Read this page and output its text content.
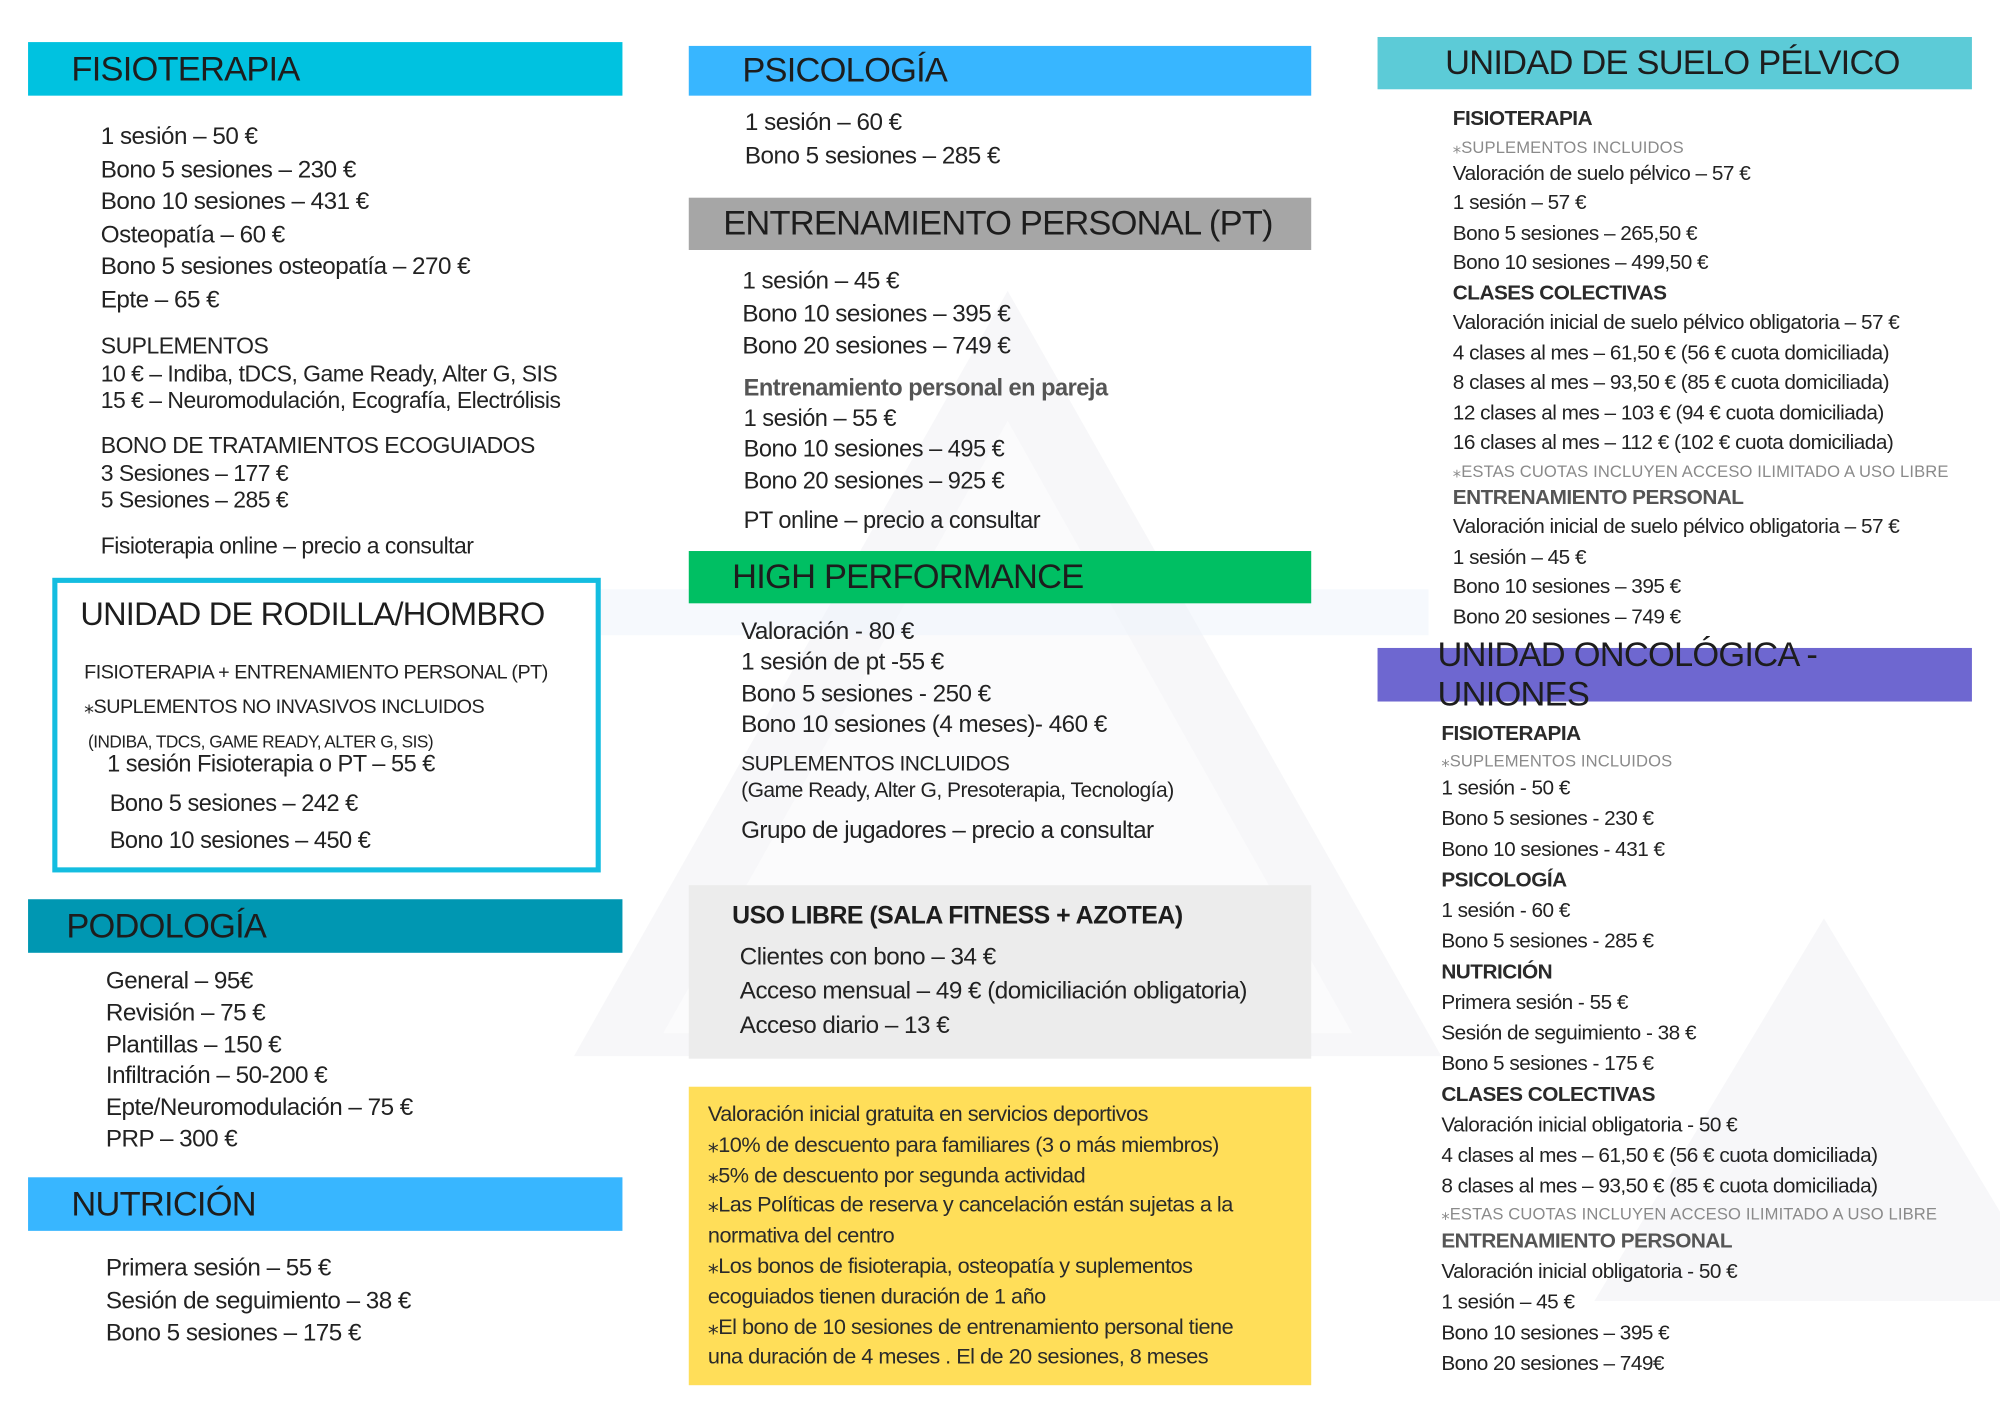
FISIOTERAPIA
1 sesión – 50 €
Bono 5 sesiones – 230 €
Bono 10 sesiones – 431 €
Osteopatía – 60 €
Bono 5 sesiones osteopatía – 270 €
Epte – 65 €
SUPLEMENTOS
10 € – Indiba, tDCS, Game Ready, Alter G, SIS
15 € – Neuromodulación, Ecografía, Electrólisis
BONO DE TRATAMIENTOS ECOGUIADOS
3 Sesiones – 177 €
5 Sesiones – 285 €
Fisioterapia online – precio a consultar
UNIDAD DE RODILLA/HOMBRO
FISIOTERAPIA + ENTRENAMIENTO PERSONAL (PT)
⁎SUPLEMENTOS NO INVASIVOS INCLUIDOS
(INDIBA, TDCS, GAME READY, ALTER G, SIS)
1 sesión Fisioterapia o PT – 55 €
Bono 5 sesiones – 242 €
Bono 10 sesiones – 450 €
PODOLOGÍA
General – 95€
Revisión – 75 €
Plantillas – 150 €
Infiltración – 50-200 €
Epte/Neuromodulación – 75 €
PRP – 300 €
NUTRICIÓN
Primera sesión – 55 €
Sesión de seguimiento – 38 €
Bono 5 sesiones – 175 €
PSICOLOGÍA
1 sesión – 60 €
Bono 5 sesiones – 285 €
ENTRENAMIENTO PERSONAL (PT)
1 sesión – 45 €
Bono 10 sesiones – 395 €
Bono 20 sesiones – 749 €
Entrenamiento personal en pareja
1 sesión – 55 €
Bono 10 sesiones – 495 €
Bono 20 sesiones – 925 €
PT online – precio a consultar
HIGH PERFORMANCE
Valoración - 80 €
1 sesión de pt -55 €
Bono 5 sesiones - 250 €
Bono 10 sesiones (4 meses)- 460 €
SUPLEMENTOS INCLUIDOS
(Game Ready, Alter G, Presoterapia, Tecnología)
Grupo de jugadores – precio a consultar
USO LIBRE (SALA FITNESS + AZOTEA)
Clientes con bono – 34 €
Acceso mensual – 49 € (domiciliación obligatoria)
Acceso diario – 13 €
Valoración inicial gratuita en servicios deportivos
⁎10% de descuento para familiares (3 o más miembros)
⁎5% de descuento por segunda actividad
⁎Las Políticas de reserva y cancelación están sujetas a la
normativa del centro
⁎Los bonos de fisioterapia, osteopatía y suplementos
ecoguiados tienen duración de 1 año
⁎El bono de 10 sesiones de entrenamiento personal tiene
una duración de 4 meses . El de 20 sesiones, 8 meses
UNIDAD DE SUELO PÉLVICO
FISIOTERAPIA
⁎SUPLEMENTOS INCLUIDOS
Valoración de suelo pélvico – 57 €
1 sesión – 57 €
Bono 5 sesiones – 265,50 €
Bono 10 sesiones – 499,50 €
CLASES COLECTIVAS
Valoración inicial de suelo pélvico obligatoria – 57 €
4 clases al mes – 61,50 € (56 € cuota domiciliada)
8 clases al mes – 93,50 € (85 € cuota domiciliada)
12 clases al mes – 103 € (94 € cuota domiciliada)
16 clases al mes – 112 € (102 € cuota domiciliada)
⁎ESTAS CUOTAS INCLUYEN ACCESO ILIMITADO A USO LIBRE
ENTRENAMIENTO PERSONAL
Valoración inicial de suelo pélvico obligatoria – 57 €
1 sesión – 45 €
Bono 10 sesiones – 395 €
Bono 20 sesiones – 749 €
UNIDAD ONCOLÓGICA - UNIONES
FISIOTERAPIA
⁎SUPLEMENTOS INCLUIDOS
1 sesión - 50 €
Bono 5 sesiones - 230 €
Bono 10 sesiones - 431 €
PSICOLOGÍA
1 sesión - 60 €
Bono 5 sesiones - 285 €
NUTRICIÓN
Primera sesión - 55 €
Sesión de seguimiento - 38 €
Bono 5 sesiones - 175 €
CLASES COLECTIVAS
Valoración inicial obligatoria - 50 €
4 clases al mes – 61,50 € (56 € cuota domiciliada)
8 clases al mes – 93,50 € (85 € cuota domiciliada)
⁎ESTAS CUOTAS INCLUYEN ACCESO ILIMITADO A USO LIBRE
ENTRENAMIENTO PERSONAL
Valoración inicial obligatoria - 50 €
1 sesión – 45 €
Bono 10 sesiones – 395 €
Bono 20 sesiones – 749€
